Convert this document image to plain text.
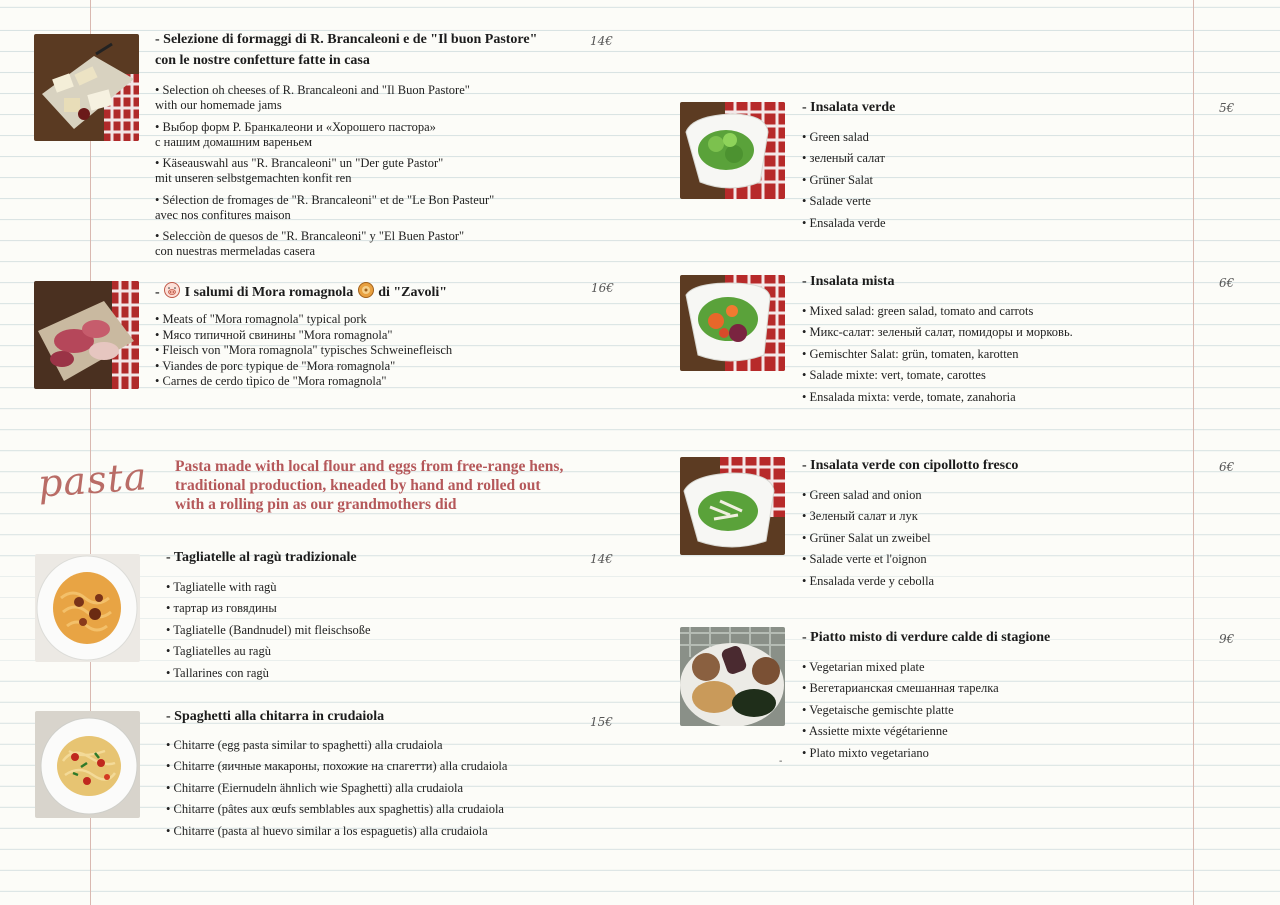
- Selezione di formaggi di R. Brancaleoni e de "Il buon Pastore"
con le nostre confetture fatte in casa
14€
• Selection oh cheeses of R. Brancaleoni and "Il Buon Pastore"
with our homemade jams
• Выбор форм Р. Бранкалеони и «Хорошего пастора»
с нашим домашним вареньем
• Käseauswahl aus "R. Brancaleoni" un "Der gute Pastor"
mit unseren selbstgemachten konfit ren
• Sélection de fromages de "R. Brancaleoni" et de "Le Bon Pasteur"
avec nos confitures maison
• Selecciòn de quesos de "R. Brancaleoni" y "El Buen Pastor"
con nuestras mermeladas casera
-  I salumi di Mora romagnola  di "Zavoli"	16€
• Meats of "Mora romagnola" typical pork
• Мясо типичной свинины "Mora romagnola"
• Fleisch von "Mora romagnola" typisches Schweinefleisch
• Viandes de porc typique de "Mora romagnola"
• Carnes de cerdo tìpico de "Mora romagnola"
pasta Pasta made with local flour and eggs from free-range hens,
traditional production, kneaded by hand and rolled out
with a rolling pin as our grandmothers did
- Tagliatelle al ragù tradizionale	14€
• Tagliatelle with ragù
• тартар из говядины
• Tagliatelle (Bandnudel) mit fleischsoße
• Tagliatelles au ragù
• Tallarines con ragù
- Spaghetti alla chitarra in crudaiola	15€
• Chitarre (egg pasta similar to spaghetti) alla crudaiola
• Chitarre (яичные макароны, похожие на спагетти) alla crudaiola
• Chitarre (Eiernudeln ähnlich wie Spaghetti) alla crudaiola
• Chitarre (pâtes aux œufs semblables aux spaghettis) alla crudaiola
• Chitarre (pasta al huevo similar a los espaguetis) alla crudaiola
- Insalata verde	5€
• Green salad
• зеленый салат
• Grüner Salat
• Salade verte
• Ensalada verde
- Insalata mista	6€
• Mixed salad: green salad, tomato and carrots
• Микс-салат: зеленый салат, помидоры и морковь.
• Gemischter Salat: grün, tomaten, karotten
• Salade mixte: vert, tomate, carottes
• Ensalada mixta: verde, tomate, zanahoria
- Insalata verde con cipollotto fresco	6€
• Green salad and onion
• Зеленый салат и лук
• Grüner Salat un zweibel
• Salade verte et l'oignon
• Ensalada verde y cebolla
- Piatto misto di verdure calde di stagione	9€
• Vegetarian mixed plate
• Вегетарианская смешанная тарелка
• Vegetaische gemischte platte
• Assiette mixte végétarienne
• Plato mixto vegetariano
-
